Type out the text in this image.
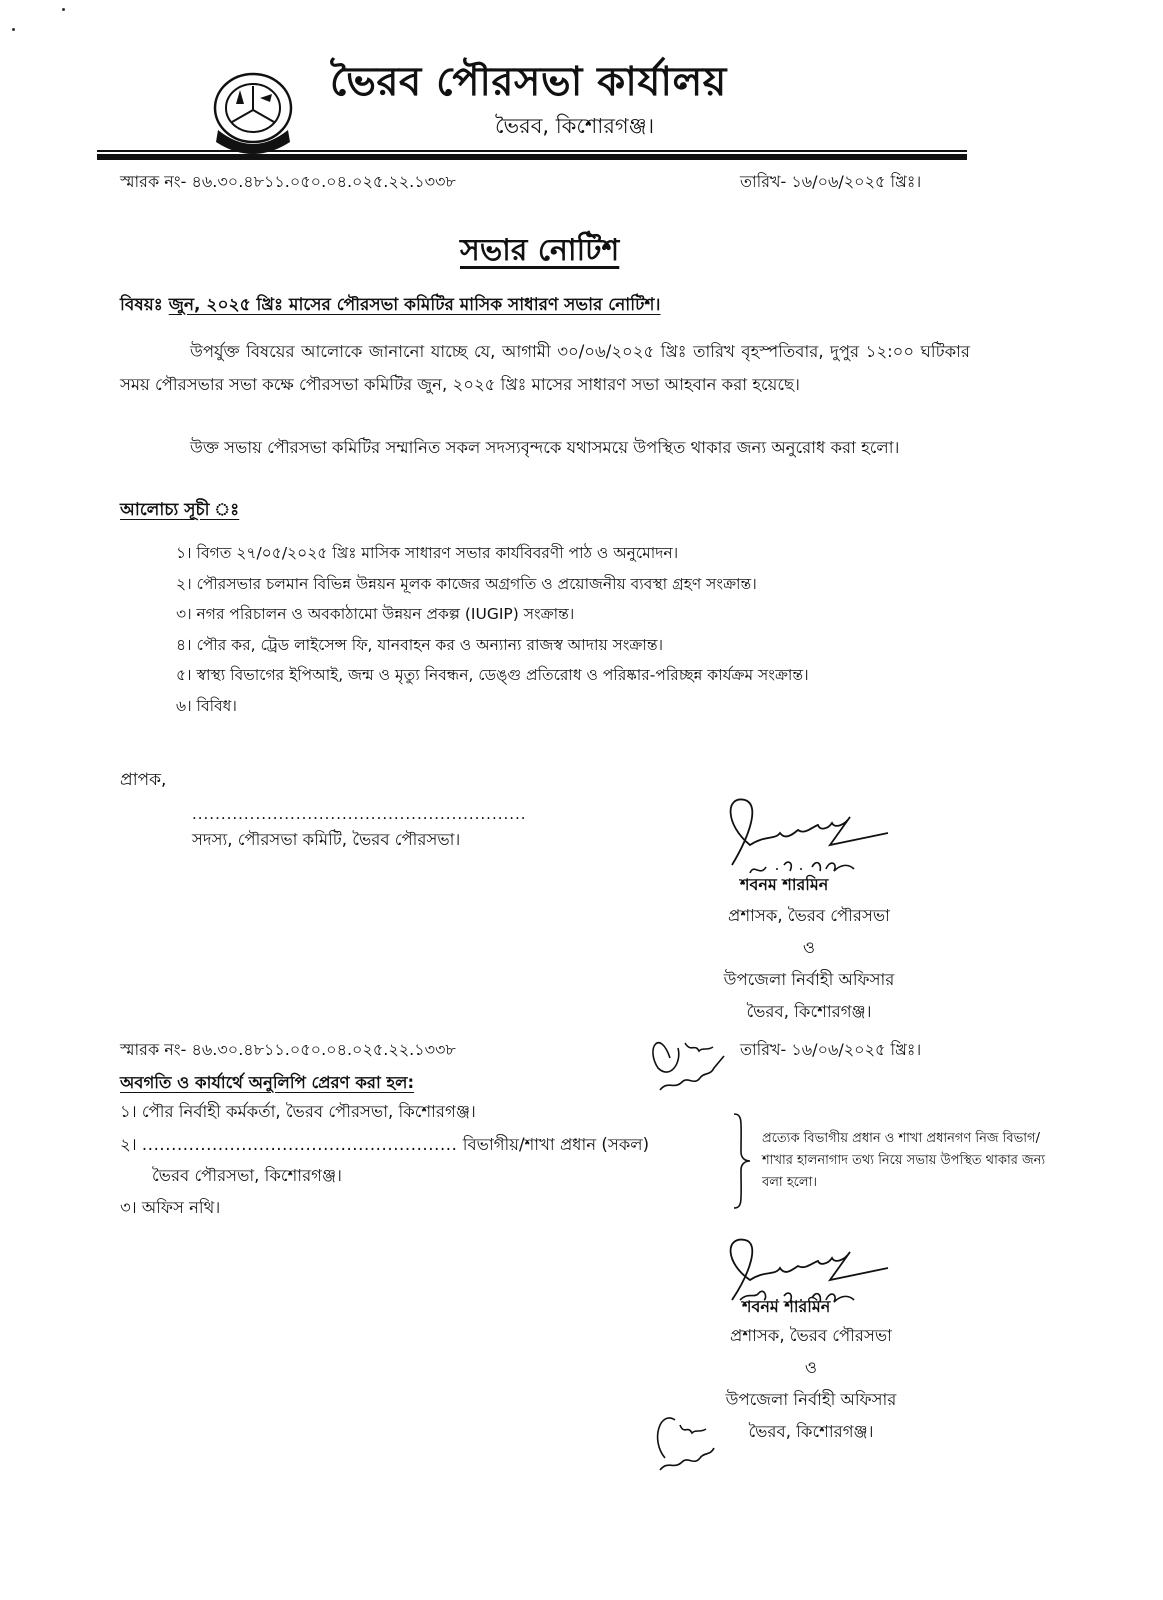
ভৈরব পৌরসভা কার্যালয়
ভৈরব, কিশোরগঞ্জ।
স্মারক নং- ৪৬.৩০.৪৮১১.০৫০.০৪.০২৫.২২.১৩৩৮	তারিখ- ১৬/০৬/২০২৫ খ্রিঃ।
সভার নোটিশ
বিষয়ঃ জুন, ২০২৫ খ্রিঃ মাসের পৌরসভা কমিটির মাসিক সাধারণ সভার নোটিশ।
উপর্যুক্ত বিষয়ের আলোকে জানানো যাচ্ছে যে, আগামী ৩০/০৬/২০২৫ খ্রিঃ তারিখ বৃহস্পতিবার, দুপুর ১২:০০ ঘটিকার সময় পৌরসভার সভা কক্ষে পৌরসভা কমিটির জুন, ২০২৫ খ্রিঃ মাসের সাধারণ সভা আহবান করা হয়েছে।
উক্ত সভায় পৌরসভা কমিটির সম্মানিত সকল সদস্যবৃন্দকে যথাসময়ে উপস্থিত থাকার জন্য অনুরোধ করা হলো।
আলোচ্য সূচী ঃ
১। বিগত ২৭/০৫/২০২৫ খ্রিঃ মাসিক সাধারণ সভার কার্যবিবরণী পাঠ ও অনুমোদন।
২। পৌরসভার চলমান বিভিন্ন উন্নয়ন মূলক কাজের অগ্রগতি ও প্রয়োজনীয় ব্যবস্থা গ্রহণ সংক্রান্ত।
৩। নগর পরিচালন ও অবকাঠামো উন্নয়ন প্রকল্প (IUGIP) সংক্রান্ত।
৪। পৌর কর, ট্রেড লাইসেন্স ফি, যানবাহন কর ও অন্যান্য রাজস্ব আদায় সংক্রান্ত।
৫। স্বাস্থ্য বিভাগের ইপিআই, জন্ম ও মৃত্যু নিবন্ধন, ডেঙ্গু প্রতিরোধ ও পরিষ্কার-পরিচ্ছন্ন কার্যক্রম সংক্রান্ত।
৬। বিবিধ।
প্রাপক,
..........................................................
সদস্য, পৌরসভা কমিটি, ভৈরব পৌরসভা।
শবনম শারমিন
প্রশাসক, ভৈরব পৌরসভা
ও
উপজেলা নির্বাহী অফিসার
ভৈরব, কিশোরগঞ্জ।
স্মারক নং- ৪৬.৩০.৪৮১১.০৫০.০৪.০২৫.২২.১৩৩৮	তারিখ- ১৬/০৬/২০২৫ খ্রিঃ।
অবগতি ও কার্যার্থে অনুলিপি প্রেরণ করা হল:
১। পৌর নির্বাহী কর্মকর্তা, ভৈরব পৌরসভা, কিশোরগঞ্জ।
২। ...................................................... বিভাগীয়/শাখা প্রধান (সকল)
ভৈরব পৌরসভা, কিশোরগঞ্জ।
৩। অফিস নথি।
প্রত্যেক বিভাগীয় প্রধান ও শাখা প্রধানগণ নিজ বিভাগ/শাখার হালনাগাদ তথ্য নিয়ে সভায় উপস্থিত থাকার জন্য বলা হলো।
শবনম শারমিন
প্রশাসক, ভৈরব পৌরসভা
ও
উপজেলা নির্বাহী অফিসার
ভৈরব, কিশোরগঞ্জ।
